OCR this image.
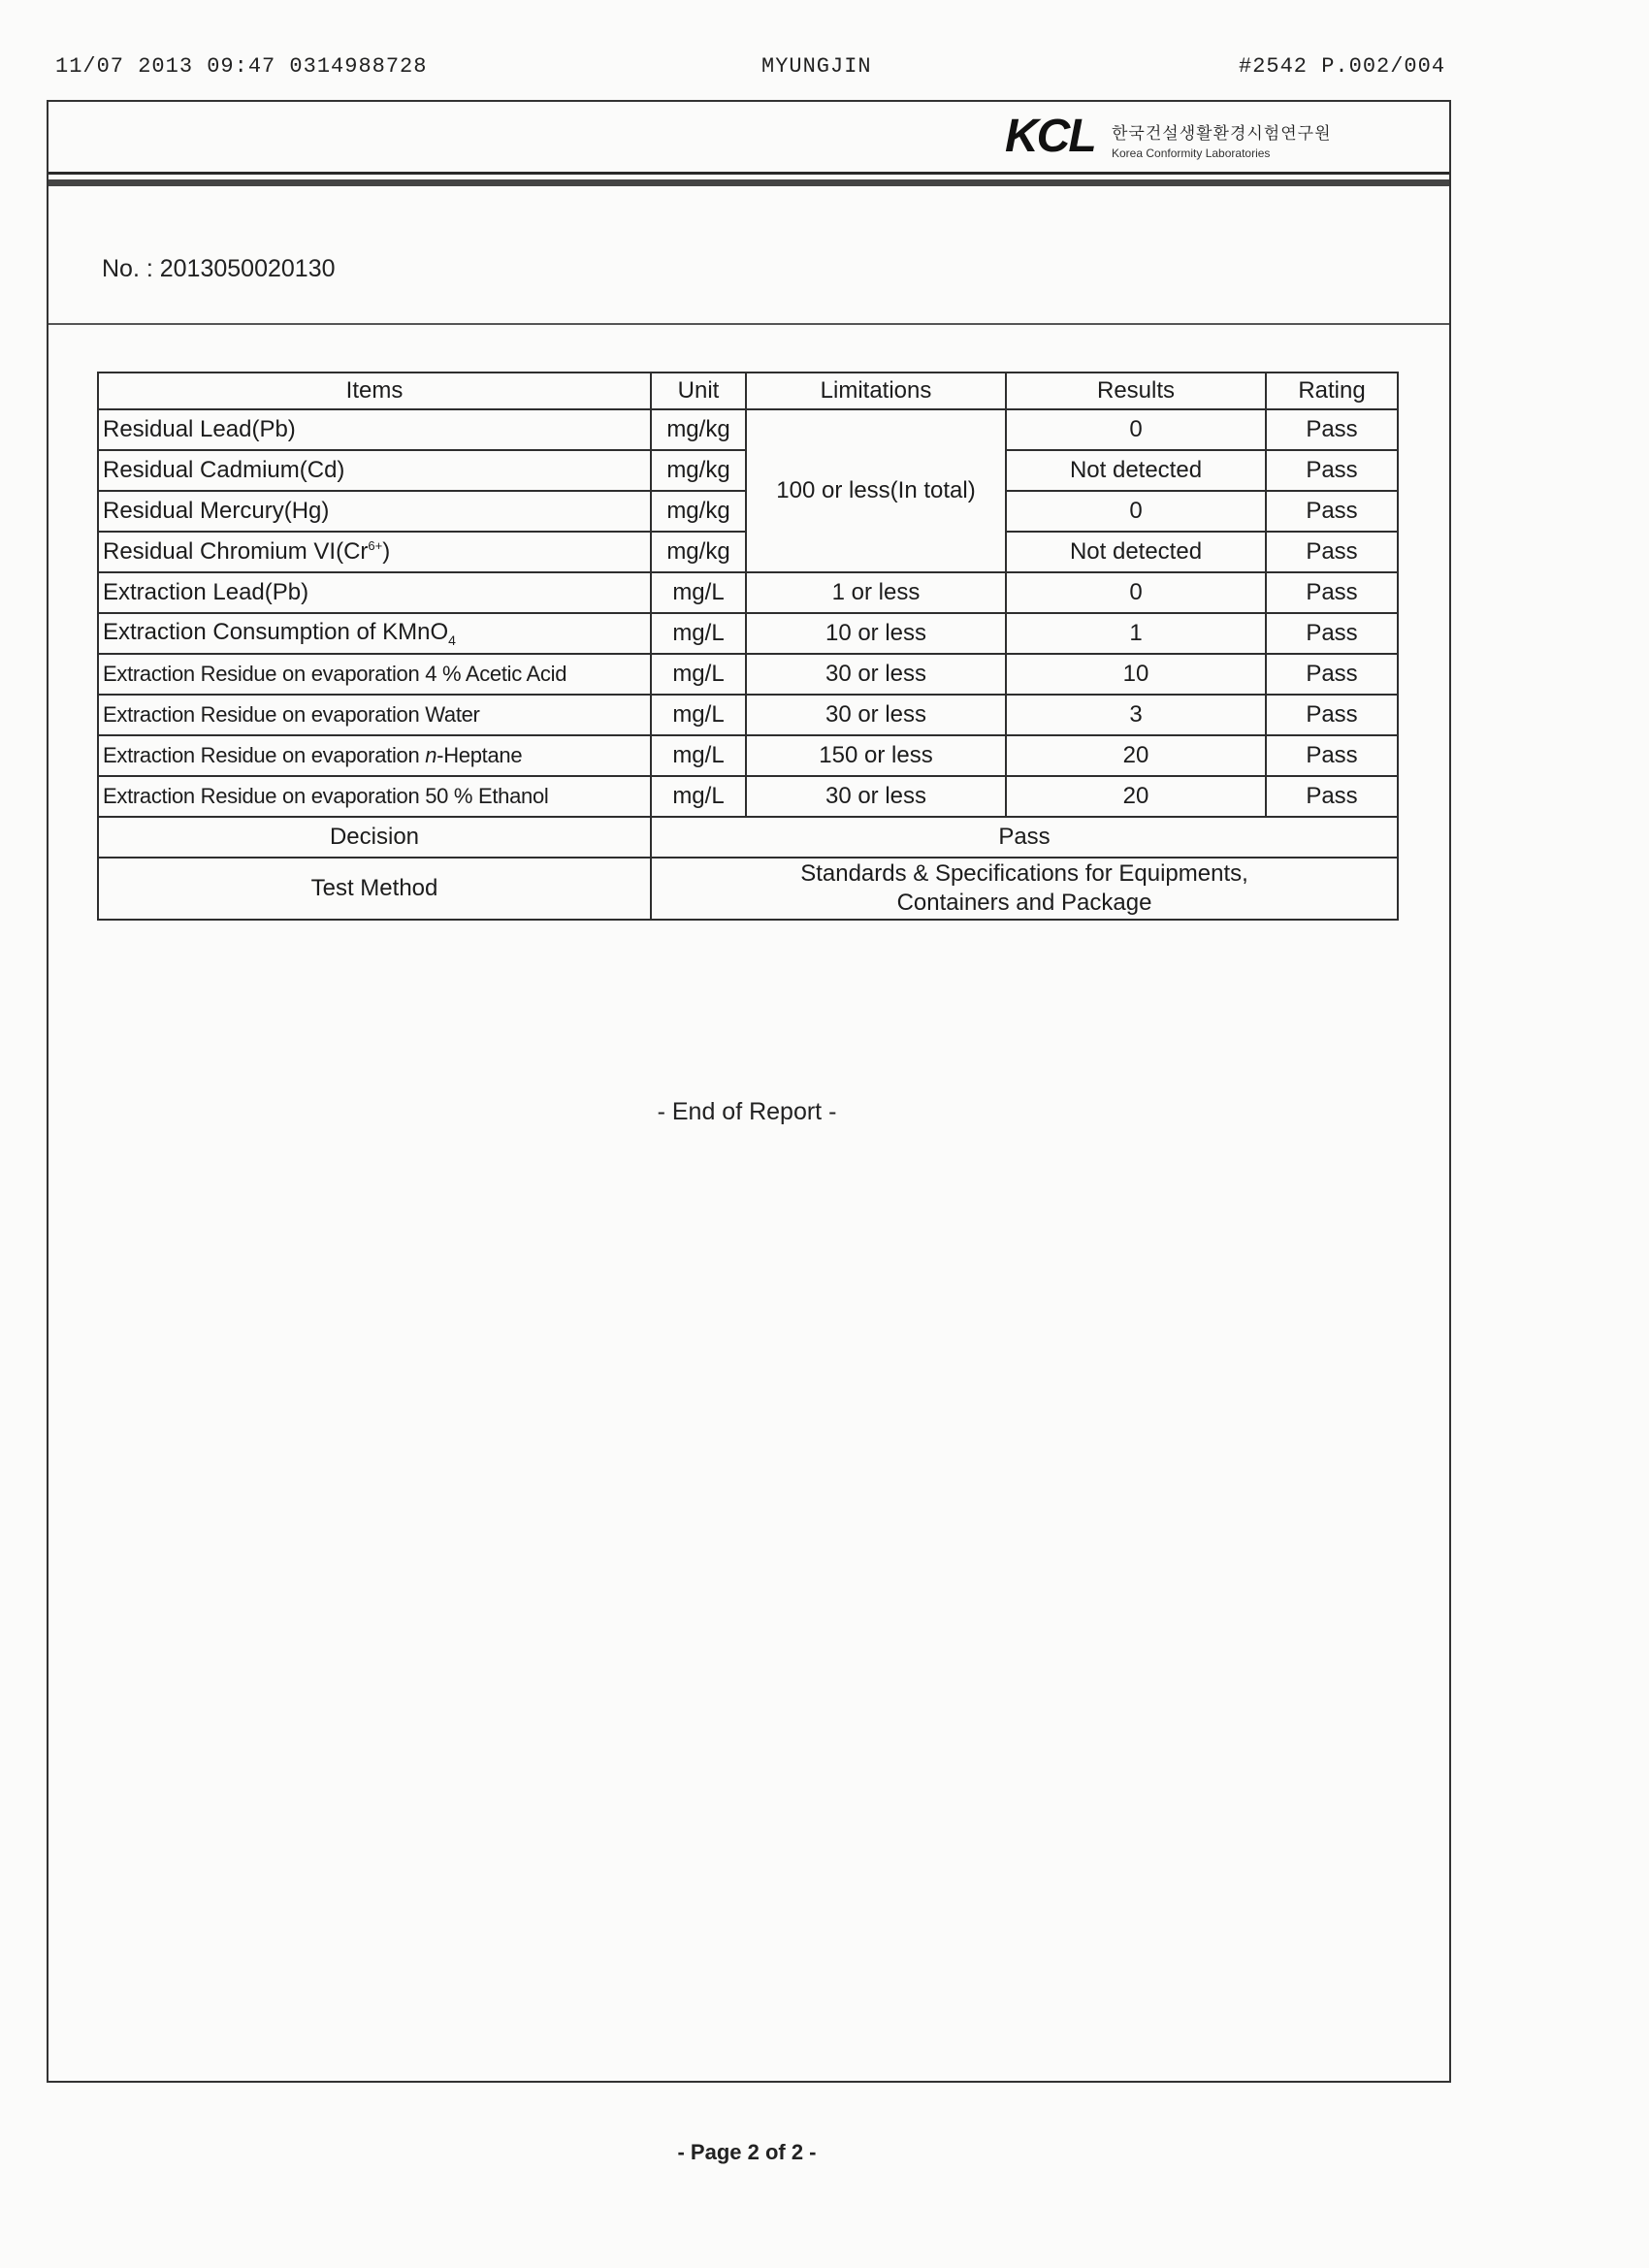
11/07 2013 09:47 0314988728	MYUNGJIN	#2542 P.002/004
KCL	한국건설생활환경시험연구원
Korea Conformity Laboratories
No. : 2013050020130
Items	Unit	Limitations	Results	Rating
Residual Lead(Pb)	mg/kg	100 or less(In total)	0	Pass
Residual Cadmium(Cd)	mg/kg		Not detected	Pass
Residual Mercury(Hg)	mg/kg		0	Pass
Residual Chromium $VI(Cr^{6+})$	mg/kg		Not detected	Pass
Extraction Lead(Pb)	mg/L	1 or less	0	Pass
Extraction Consumption of KMnO$_4$	mg/L	10 or less	1	Pass
Extraction Residue on evaporation 4 % Acetic Acid	mg/L	30 or less	10	Pass
Extraction Residue on evaporation Water	mg/L	30 or less	3	Pass
Extraction Residue on evaporation n-Heptane	mg/L	150 or less	20	Pass
Extraction Residue on evaporation 50 % Ethanol	mg/L	30 or less	20	Pass
Decision	Pass			
Test Method	Standards & Specifications for Equipments,
Containers and Package			
- End of Report -
- Page 2 of 2 -
